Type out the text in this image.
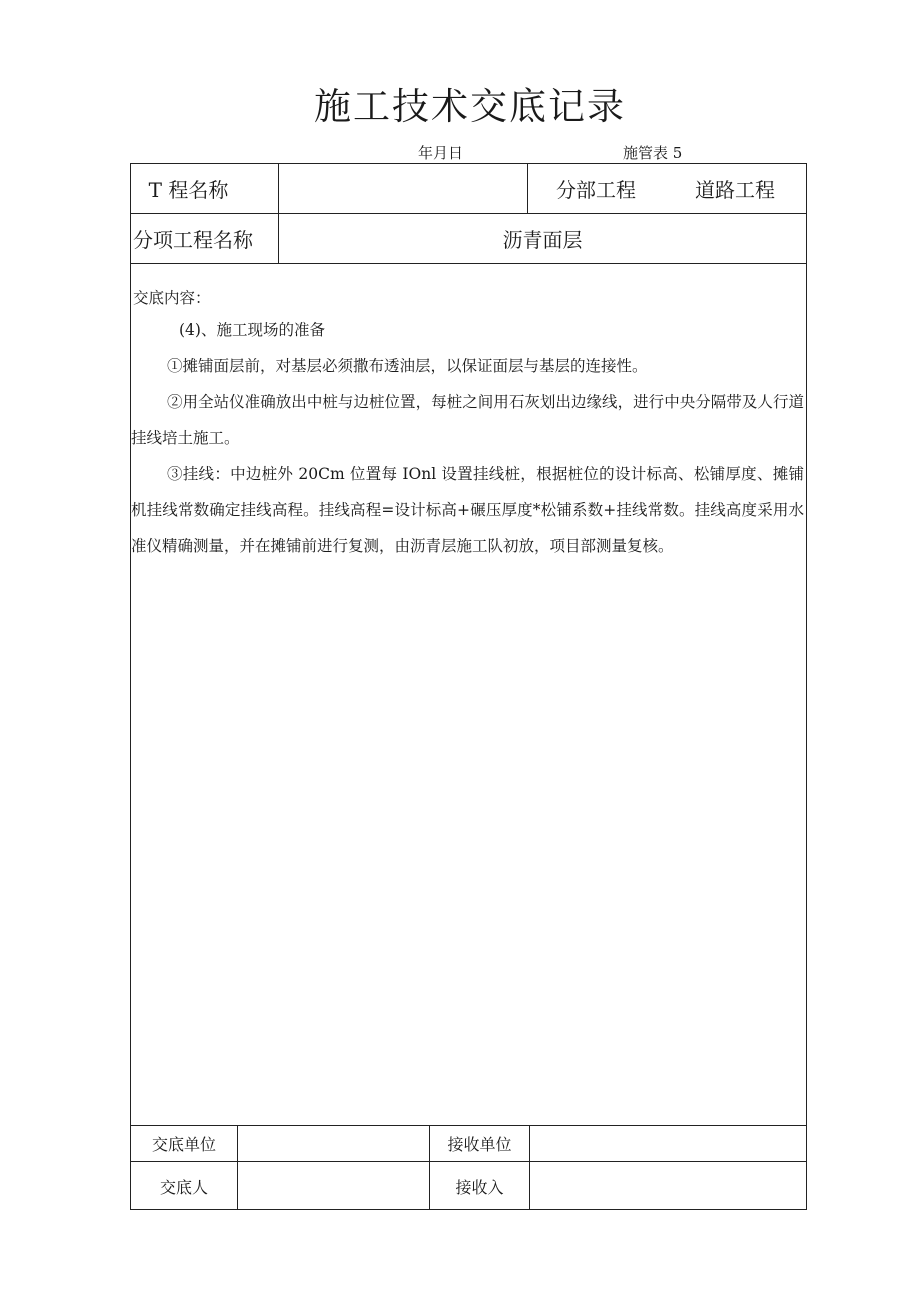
施工技术交底记录
年月日	施管表 5
T 程名称	分部工程	道路工程
分项工程名称	沥青面层
交底内容：
(4)、施工现场的准备
①摊铺面层前，对基层必须撒布透油层，以保证面层与基层的连接性。
②用全站仪准确放出中桩与边桩位置，每桩之间用石灰划出边缘线，进行中央分隔带及人行道挂线培土施工。
③挂线：中边桩外 20Cm 位置每 IOnl 设置挂线桩，根据桩位的设计标高、松铺厚度、摊铺机挂线常数确定挂线高程。挂线高程=设计标高+碾压厚度*松铺系数+挂线常数。挂线高度采用水准仪精确测量，并在摊铺前进行复测，由沥青层施工队初放，项目部测量复核。
交底单位	接收单位
交底人	接收入
